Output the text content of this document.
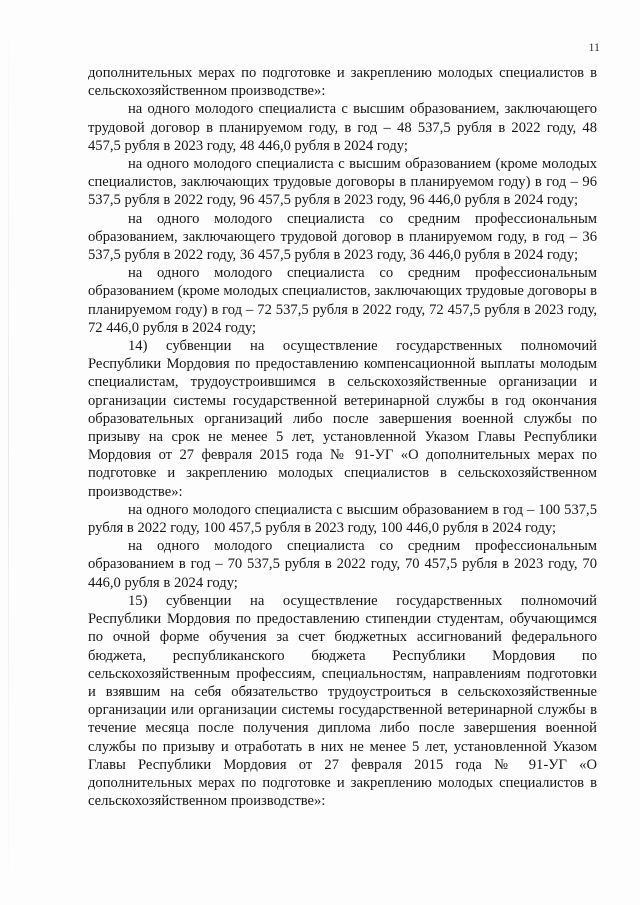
11

дополнительных мерах по подготовке и закреплению молодых специалистов в сельскохозяйственном производстве»:

на одного молодого специалиста с высшим образованием, заключающего трудовой договор в планируемом году, в год – 48 537,5 рубля в 2022 году, 48 457,5 рубля в 2023 году, 48 446,0 рубля в 2024 году;

на одного молодого специалиста с высшим образованием (кроме молодых специалистов, заключающих трудовые договоры в планируемом году) в год – 96 537,5 рубля в 2022 году, 96 457,5 рубля в 2023 году, 96 446,0 рубля в 2024 году;

на одного молодого специалиста со средним профессиональным образованием, заключающего трудовой договор в планируемом году, в год – 36 537,5 рубля в 2022 году, 36 457,5 рубля в 2023 году, 36 446,0 рубля в 2024 году;

на одного молодого специалиста со средним профессиональным образованием (кроме молодых специалистов, заключающих трудовые договоры в планируемом году) в год – 72 537,5 рубля в 2022 году, 72 457,5 рубля в 2023 году, 72 446,0 рубля в 2024 году;

14) субвенции на осуществление государственных полномочий Республики Мордовия по предоставлению компенсационной выплаты молодым специалистам, трудоустроившимся в сельскохозяйственные организации и организации системы государственной ветеринарной службы в год окончания образовательных организаций либо после завершения военной службы по призыву на срок не менее 5 лет, установленной Указом Главы Республики Мордовия от 27 февраля 2015 года № 91-УГ «О дополнительных мерах по подготовке и закреплению молодых специалистов в сельскохозяйственном производстве»:

на одного молодого специалиста с высшим образованием в год – 100 537,5 рубля в 2022 году, 100 457,5 рубля в 2023 году, 100 446,0 рубля в 2024 году;

на одного молодого специалиста со средним профессиональным образованием в год – 70 537,5 рубля в 2022 году, 70 457,5 рубля в 2023 году, 70 446,0 рубля в 2024 году;

15) субвенции на осуществление государственных полномочий Республики Мордовия по предоставлению стипендии студентам, обучающимся по очной форме обучения за счет бюджетных ассигнований федерального бюджета, республиканского бюджета Республики Мордовия по сельскохозяйственным профессиям, специальностям, направлениям подготовки и взявшим на себя обязательство трудоустроиться в сельскохозяйственные организации или организации системы государственной ветеринарной службы в течение месяца после получения диплома либо после завершения военной службы по призыву и отработать в них не менее 5 лет, установленной Указом Главы Республики Мордовия от 27 февраля 2015 года № 91-УГ «О дополнительных мерах по подготовке и закреплению молодых специалистов в сельскохозяйственном производстве»:
